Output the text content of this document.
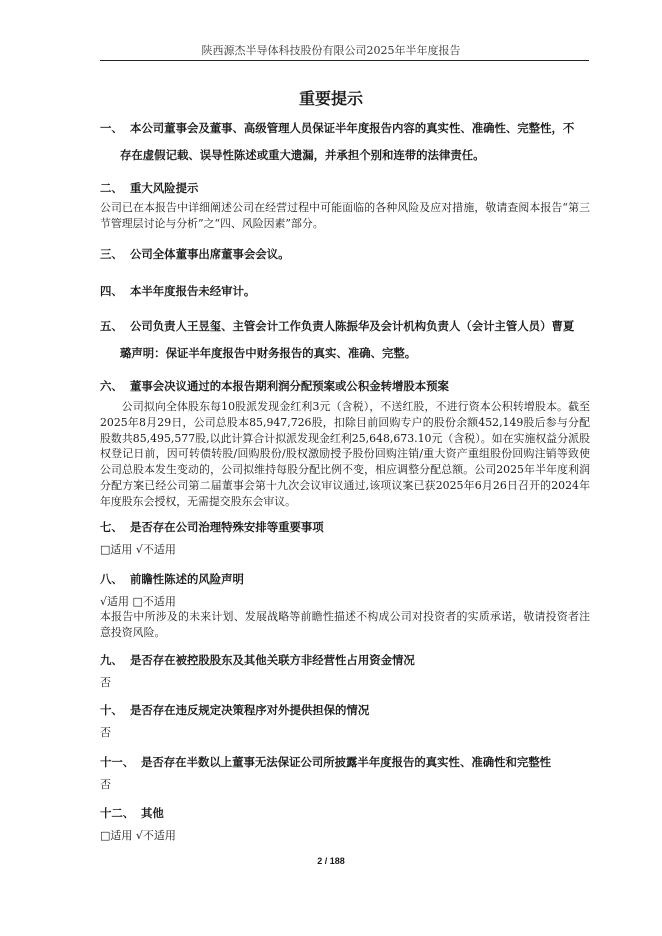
陕西源杰半导体科技股份有限公司2025年半年度报告
重要提示
一、 本公司董事会及董事、高级管理人员保证半年度报告内容的真实性、准确性、完整性，不
存在虚假记载、误导性陈述或重大遗漏，并承担个别和连带的法律责任。
二、 重大风险提示
公司已在本报告中详细阐述公司在经营过程中可能面临的各种风险及应对措施，敬请查阅本报告“第三节管理层讨论与分析”之“四、风险因素”部分。
三、 公司全体董事出席董事会会议。
四、 本半年度报告未经审计。
五、 公司负责人王昱玺、主管会计工作负责人陈振华及会计机构负责人（会计主管人员）曹夏
璐声明：保证半年度报告中财务报告的真实、准确、完整。
六、 董事会决议通过的本报告期利润分配预案或公积金转增股本预案
公司拟向全体股东每10股派发现金红利3元（含税），不送红股，不进行资本公积转增股本。截至2025年8月29日，公司总股本85,947,726股，扣除目前回购专户的股份余额452,149股后参与分配股数共85,495,577股,以此计算合计拟派发现金红利25,648,673.10元（含税）。如在实施权益分派股权登记日前，因可转债转股/回购股份/股权激励授予股份回购注销/重大资产重组股份回购注销等致使公司总股本发生变动的，公司拟维持每股分配比例不变，相应调整分配总额。公司2025年半年度利润分配方案已经公司第二届董事会第十九次会议审议通过,该项议案已获2025年6月26日召开的2024年年度股东会授权，无需提交股东会审议。
七、 是否存在公司治理特殊安排等重要事项
□适用 √不适用
八、 前瞻性陈述的风险声明
√适用 □不适用
本报告中所涉及的未来计划、发展战略等前瞻性描述不构成公司对投资者的实质承诺，敬请投资者注意投资风险。
九、 是否存在被控股股东及其他关联方非经营性占用资金情况
否
十、 是否存在违反规定决策程序对外提供担保的情况
否
十一、 是否存在半数以上董事无法保证公司所披露半年度报告的真实性、准确性和完整性
否
十二、 其他
□适用 √不适用
2 / 188
